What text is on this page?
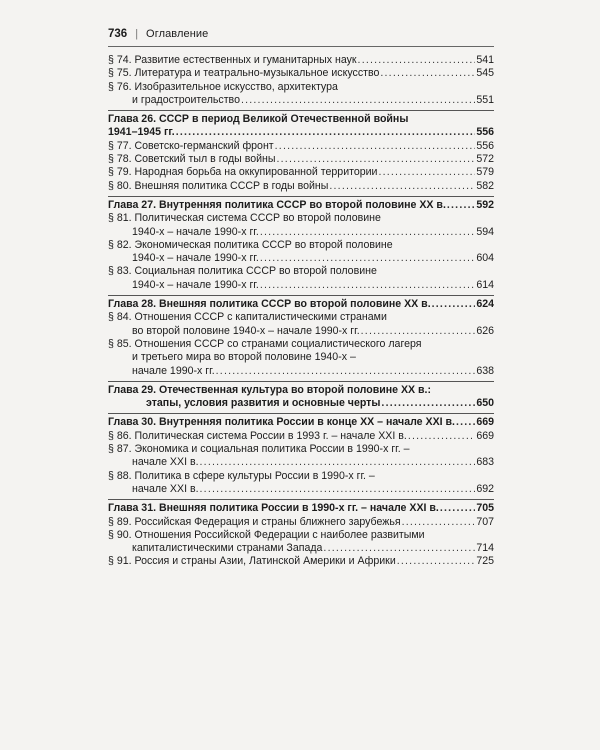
736 | Оглавление
§ 74. Развитие естественных и гуманитарных наук .....	541
§ 75. Литература и театрально-музыкальное искусство .....	545
§ 76. Изобразительное искусство, архитектура
и градостроительство .....	551
Глава 26. СССР в период Великой Отечественной войны
1941–1945 гг. .....	556
§ 77. Советско-германский фронт .....	556
§ 78. Советский тыл в годы войны .....	572
§ 79. Народная борьба на оккупированной территории .....	579
§ 80. Внешняя политика СССР в годы войны .....	582
Глава 27. Внутренняя политика СССР во второй половине XX в. .....	592
§ 81. Политическая система СССР во второй половине
1940-х – начале 1990-х гг. .....	594
§ 82. Экономическая политика СССР во второй половине
1940-х – начале 1990-х гг. .....	604
§ 83. Социальная политика СССР во второй половине
1940-х – начале 1990-х гг. .....	614
Глава 28. Внешняя политика СССР во второй половине XX в. .....	624
§ 84. Отношения СССР с капиталистическими странами
во второй половине 1940-х – начале 1990-х гг. .....	626
§ 85. Отношения СССР со странами социалистического лагеря
и третьего мира во второй половине 1940-х –
начале 1990-х гг. .....	638
Глава 29. Отечественная культура во второй половине XX в.:
этапы, условия развития и основные черты .....	650
Глава 30. Внутренняя политика России в конце XX – начале XXI в. ..... 669
§ 86. Политическая система России в 1993 г. – начале XXI в. .....	669
§ 87. Экономика и социальная политика России в 1990-х гг. –
начале XXI в. .....	683
§ 88. Политика в сфере культуры России в 1990-х гг. –
начале XXI в. .....	692
Глава 31. Внешняя политика России в 1990-х гг. – начале XXI в. .....	705
§ 89. Российская Федерация и страны ближнего зарубежья .....	707
§ 90. Отношения Российской Федерации с наиболее развитыми
капиталистическими странами Запада .....	714
§ 91. Россия и страны Азии, Латинской Америки и Африки .....	725
